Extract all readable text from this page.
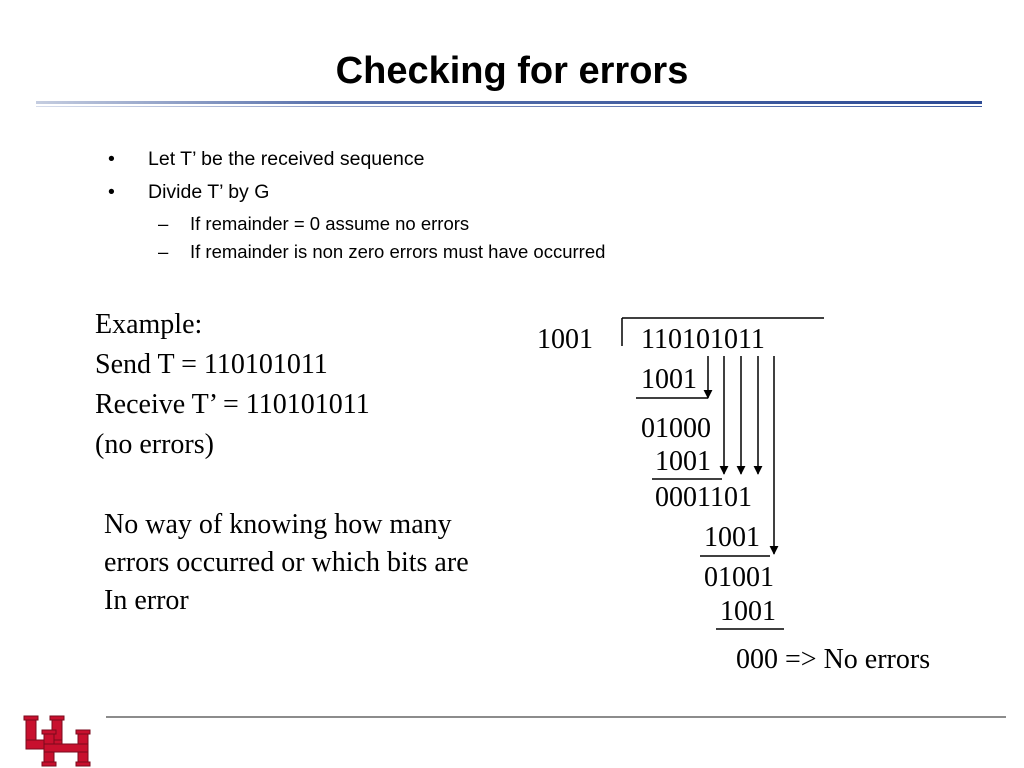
Checking for errors
• Let T’ be the received sequence
• Divide T’ by G
– If remainder = 0 assume no errors
– If remainder is non zero errors must have occurred
Example:
Send T = 110101011
Receive T’ = 110101011
(no errors)
No way of knowing how many
errors occurred or which bits are
In error
1001 110101011
1001
01000
1001
0001101
1001
01001
1001
000 => No errors
